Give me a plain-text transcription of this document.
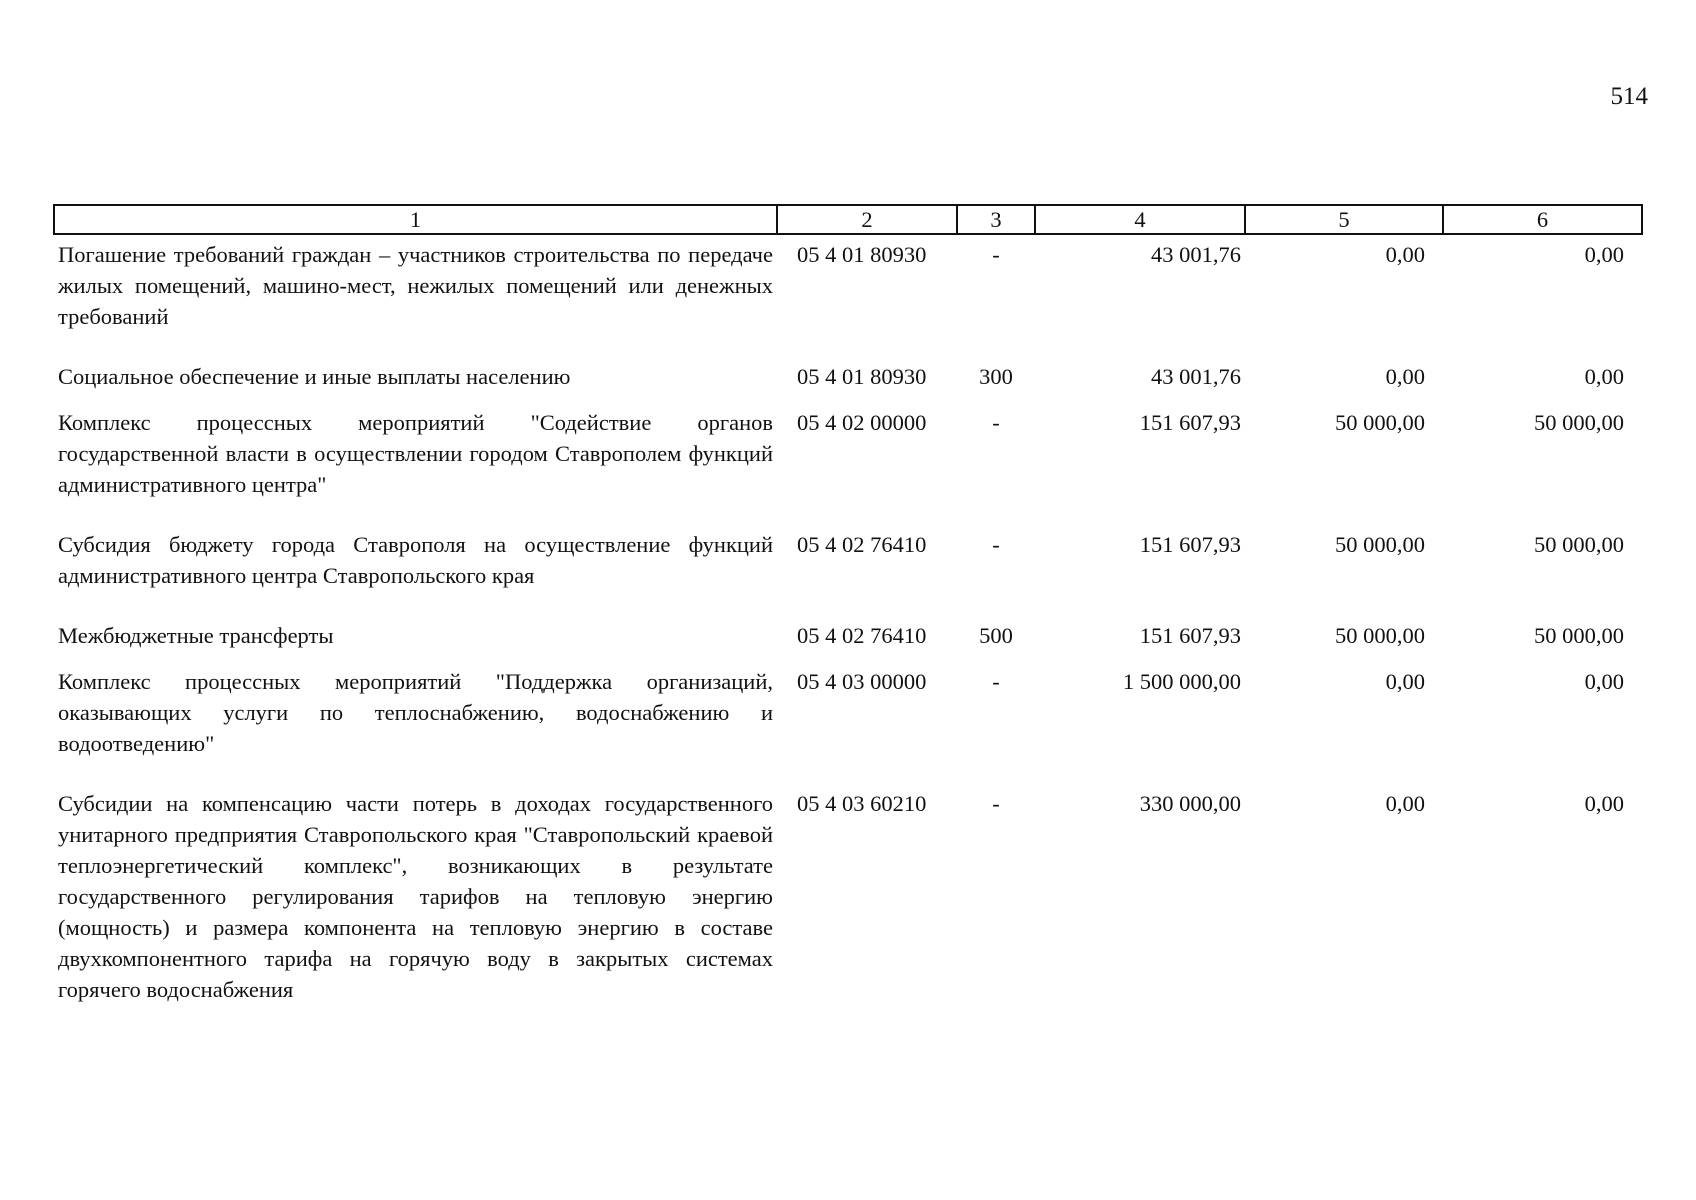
514
1	2	3	4	5	6
Погашение требований граждан – участников строительства по передаче жилых помещений, машино-мест, нежилых помещений или денежных требований	05 4 01 80930	-	43 001,76	0,00	0,00
Социальное обеспечение и иные выплаты населению	05 4 01 80930	300	43 001,76	0,00	0,00
Комплекс процессных мероприятий "Содействие органов государственной власти в осуществлении городом Ставрополем функций административного центра"	05 4 02 00000	-	151 607,93	50 000,00	50 000,00
Субсидия бюджету города Ставрополя на осуществление функций административного центра Ставропольского края	05 4 02 76410	-	151 607,93	50 000,00	50 000,00
Межбюджетные трансферты	05 4 02 76410	500	151 607,93	50 000,00	50 000,00
Комплекс процессных мероприятий "Поддержка организаций, оказывающих услуги по теплоснабжению, водоснабжению и водоотведению"	05 4 03 00000	-	1 500 000,00	0,00	0,00
Субсидии на компенсацию части потерь в доходах государственного унитарного предприятия Ставропольского края "Ставропольский краевой теплоэнергетический комплекс", возникающих в результате государственного регулирования тарифов на тепловую энергию (мощность) и размера компонента на тепловую энергию в составе двухкомпонентного тарифа на горячую воду в закрытых системах горячего водоснабжения	05 4 03 60210	-	330 000,00	0,00	0,00
